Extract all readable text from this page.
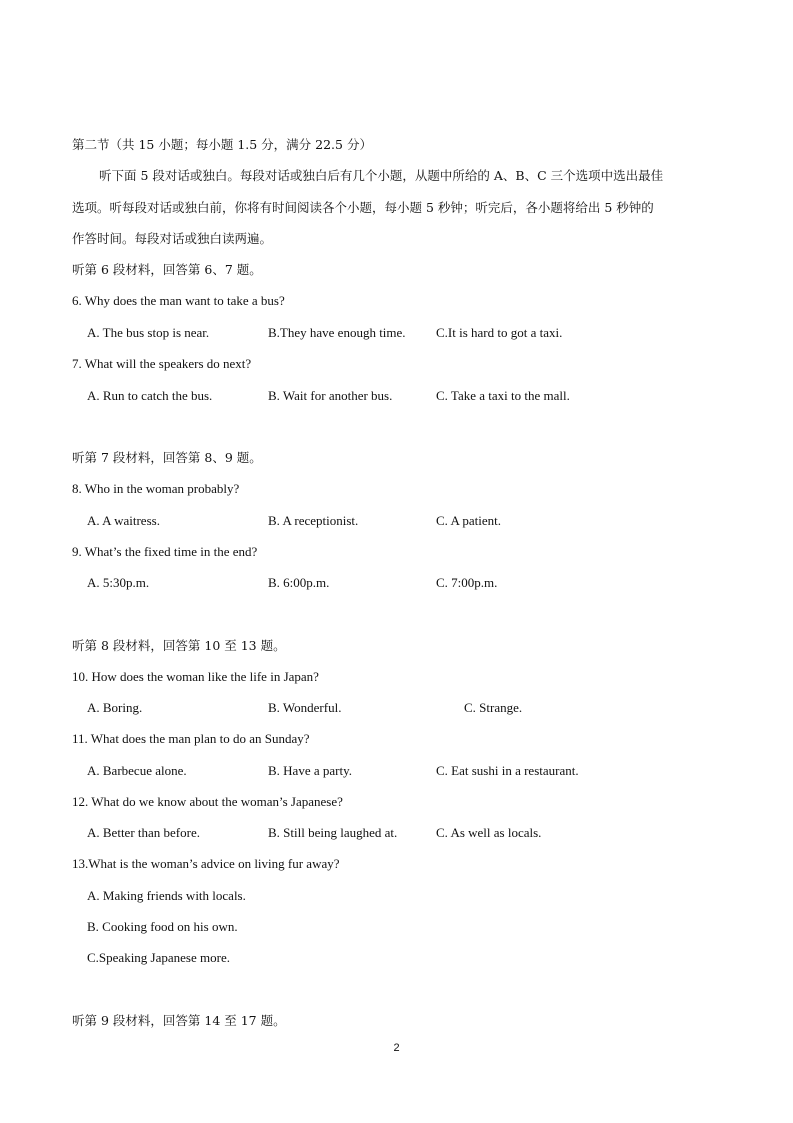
第二节（共 15 小题；每小题 1.5 分，满分 22.5 分）
听下面 5 段对话或独白。每段对话或独白后有几个小题，从题中所给的 A、B、C 三个选项中选出最佳
选项。听每段对话或独白前，你将有时间阅读各个小题，每小题 5 秒钟；听完后，各小题将给出 5 秒钟的
作答时间。每段对话或独白读两遍。
听第 6 段材料，回答第 6、7 题。
6. Why does the man want to take a bus?
A. The bus stop is near.	B.They have enough time. C.It is hard to got a taxi.
7. What will the speakers do next?
A. Run to catch the bus.	B. Wait for another bus.	C. Take a taxi to the mall.
听第 7 段材料，回答第 8、9 题。
8. Who in the woman probably?
A. A waitress.	B. A receptionist.	C. A patient.
9. What’s the fixed time in the end?
A. 5:30p.m.	B. 6:00p.m.	C. 7:00p.m.
听第 8 段材料，回答第 10 至 13 题。
10. How does the woman like the life in Japan?
A. Boring.	B. Wonderful.	C. Strange.
11. What does the man plan to do an Sunday?
A. Barbecue alone.	B. Have a party.	C. Eat sushi in a restaurant.
12. What do we know about the woman’s Japanese?
A. Better than before.	B. Still being laughed at.	C. As well as locals.
13.What is the woman’s advice on living fur away?
A. Making friends with locals.
B. Cooking food on his own.
C.Speaking Japanese more.
听第 9 段材料，回答第 14 至 17 题。
2
